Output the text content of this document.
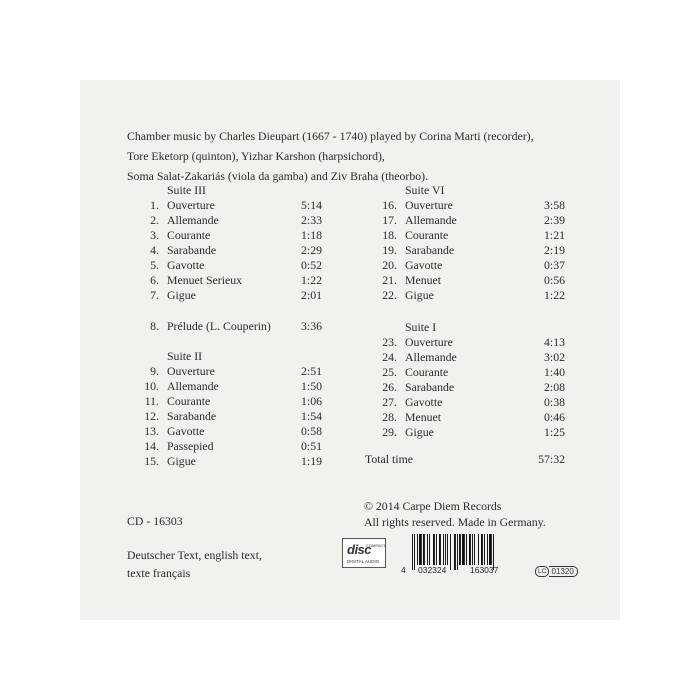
Chamber music by Charles Dieupart (1667 - 1740) played by Corina Marti (recorder),
Tore Eketorp (quinton), Yizhar Karshon (harpsichord),
Soma Salat-Zakariás (viola da gamba) and Ziv Braha (theorbo).
Suite III
1. Ouverture	5:14
2. Allemande	2:33
3. Courante	1:18
4. Sarabande	2:29
5. Gavotte	0:52
6. Menuet Serieux	1:22
7. Gigue	2:01
8. Prélude (L. Couperin)	3:36
Suite II
9. Ouverture	2:51
10. Allemande	1:50
11. Courante	1:06
12. Sarabande	1:54
13. Gavotte	0:58
14. Passepied	0:51
15. Gigue	1:19
Suite VI
16. Ouverture	3:58
17. Allemande	2:39
18. Courante	1:21
19. Sarabande	2:19
20. Gavotte	0:37
21. Menuet	0:56
22. Gigue	1:22
Suite I
23. Ouverture	4:13
24. Allemande	3:02
25. Courante	1:40
26. Sarabande	2:08
27. Gavotte	0:38
28. Menuet	0:46
29. Gigue	1:25
Total time	57:32
CD - 16303
Deutscher Text, english text,
texte français
© 2014 Carpe Diem Records
All rights reserved. Made in Germany.
disc
COMPACT
DIGITAL AUDIO
4 032324	163037	LC 01320
